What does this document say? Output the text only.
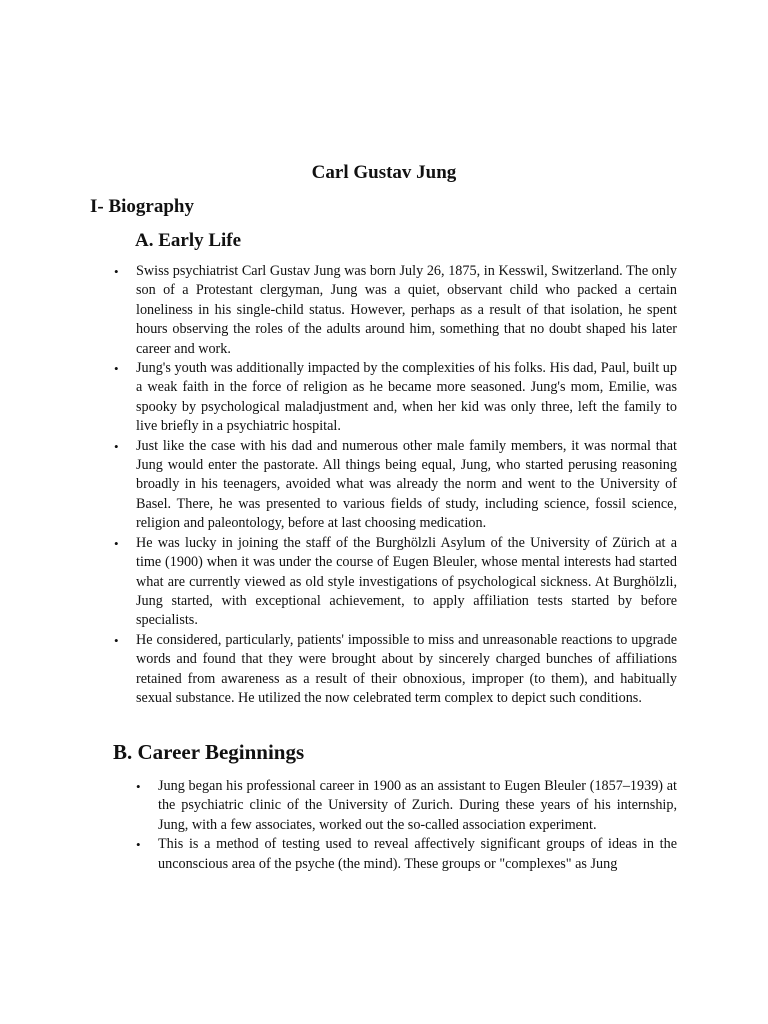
Carl Gustav Jung
I- Biography
A. Early Life
• Swiss psychiatrist Carl Gustav Jung was born July 26, 1875, in Kesswil, Switzerland. The only son of a Protestant clergyman, Jung was a quiet, observant child who packed a certain loneliness in his single-child status. However, perhaps as a result of that isolation, he spent hours observing the roles of the adults around him, something that no doubt shaped his later career and work.
• Jung's youth was additionally impacted by the complexities of his folks. His dad, Paul, built up a weak faith in the force of religion as he became more seasoned. Jung's mom, Emilie, was spooky by psychological maladjustment and, when her kid was only three, left the family to live briefly in a psychiatric hospital.
• Just like the case with his dad and numerous other male family members, it was normal that Jung would enter the pastorate. All things being equal, Jung, who started perusing reasoning broadly in his teenagers, avoided what was already the norm and went to the University of Basel. There, he was presented to various fields of study, including science, fossil science, religion and paleontology, before at last choosing medication.
• He was lucky in joining the staff of the Burghölzli Asylum of the University of Zürich at a time (1900) when it was under the course of Eugen Bleuler, whose mental interests had started what are currently viewed as old style investigations of psychological sickness. At Burghölzli, Jung started, with exceptional achievement, to apply affiliation tests started by before specialists.
• He considered, particularly, patients' impossible to miss and unreasonable reactions to upgrade words and found that they were brought about by sincerely charged bunches of affiliations retained from awareness as a result of their obnoxious, improper (to them), and habitually sexual substance. He utilized the now celebrated term complex to depict such conditions.
B. Career Beginnings
• Jung began his professional career in 1900 as an assistant to Eugen Bleuler (1857–1939) at the psychiatric clinic of the University of Zurich. During these years of his internship, Jung, with a few associates, worked out the so-called association experiment.
• This is a method of testing used to reveal affectively significant groups of ideas in the unconscious area of the psyche (the mind). These groups or "complexes" as Jung
